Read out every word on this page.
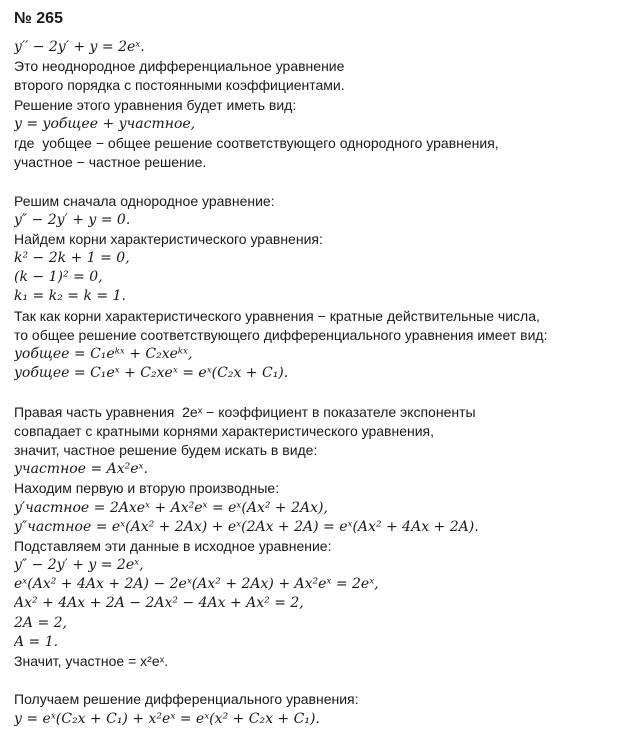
№ 265
y′′ − 2y′ + y = 2eˣ.
Это неоднородное дифференциальное уравнение
второго порядка с постоянными коэффициентами.
Решение этого уравнения будет иметь вид:
y = yобщее + yчастное,
где  yобщее − общее решение соответствующего однородного уравнения,
yчастное − частное решение.
Решим сначала однородное уравнение:
y″ − 2y′ + y = 0.
Найдем корни характеристического уравнения:
k² − 2k + 1 = 0,
(k − 1)² = 0,
k₁ = k₂ = k = 1.
Так как корни характеристического уравнения − кратные действительные числа,
то общее решение соответствующего дифференциального уравнения имеет вид:
yобщее = C₁eᵏˣ + C₂xeᵏˣ,
yобщее = C₁eˣ + C₂xeˣ = eˣ(C₂x + C₁).
Правая часть уравнения  2eˣ − коэффициент в показателе экспоненты
совпадает с кратными корнями характеристического уравнения,
значит, частное решение будем искать в виде:
yчастное = Ax²eˣ.
Находим первую и вторую производные:
y′частное = 2Axeˣ + Ax²eˣ = eˣ(Ax² + 2Ax),
y″частное = eˣ(Ax² + 2Ax) + eˣ(2Ax + 2A) = eˣ(Ax² + 4Ax + 2A).
Подставляем эти данные в исходное уравнение:
y″ − 2y′ + y = 2eˣ,
eˣ(Ax² + 4Ax + 2A) − 2eˣ(Ax² + 2Ax) + Ax²eˣ = 2eˣ,
Ax² + 4Ax + 2A − 2Ax² − 4Ax + Ax² = 2,
2A = 2,
A = 1.
Значит, yчастное = x²eˣ.
Получаем решение дифференциального уравнения:
y = eˣ(C₂x + C₁) + x²eˣ = eˣ(x² + C₂x + C₁).
